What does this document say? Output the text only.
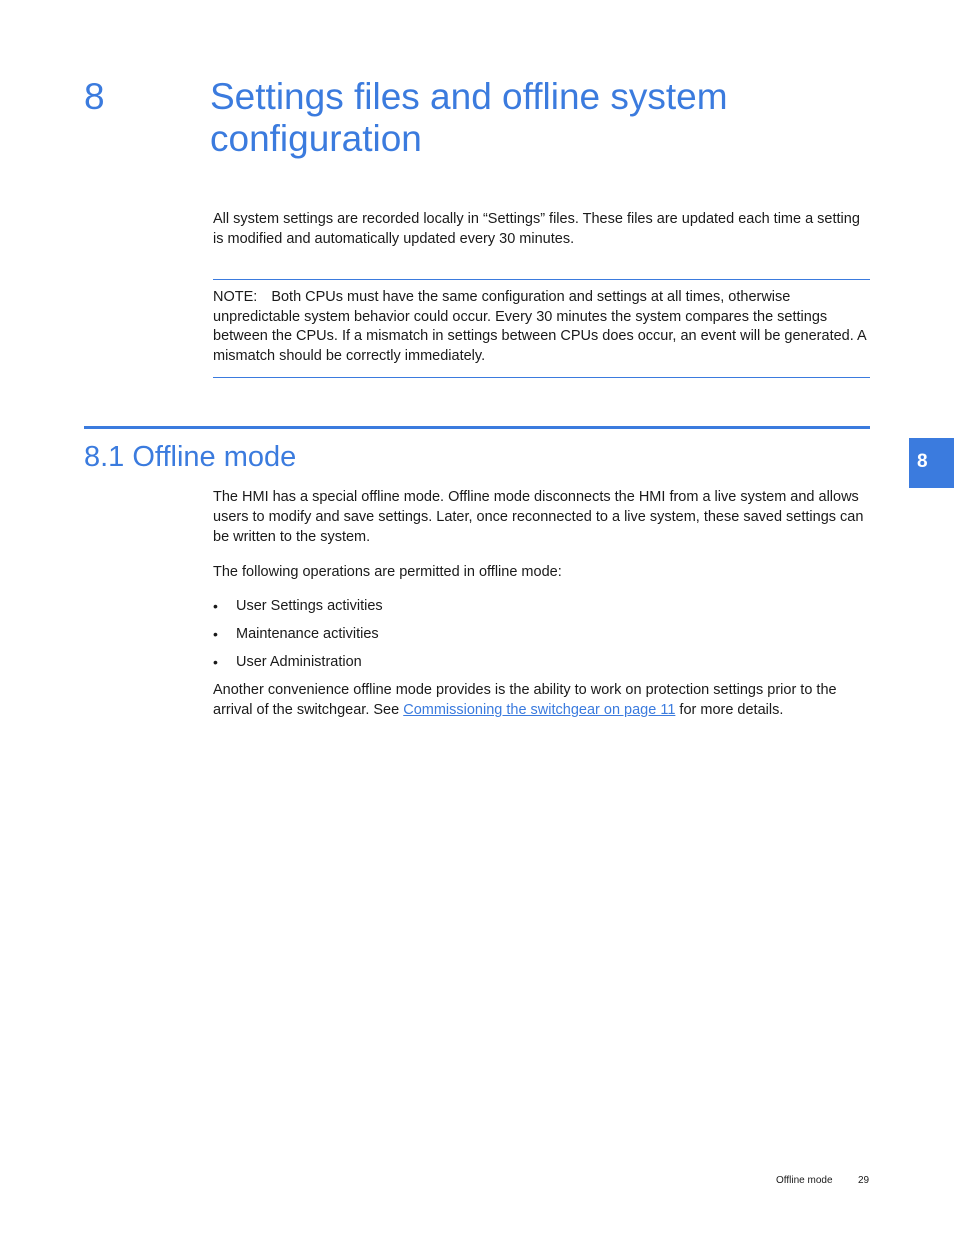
8	Settings files and offline system configuration

All system settings are recorded locally in “Settings” files. These files are updated each time a setting is modified and automatically updated every 30 minutes.

NOTE: Both CPUs must have the same configuration and settings at all times, otherwise unpredictable system behavior could occur. Every 30 minutes the system compares the settings between the CPUs. If a mismatch in settings between CPUs does occur, an event will be generated. A mismatch should be correctly immediately.

8.1 Offline mode	8

The HMI has a special offline mode. Offline mode disconnects the HMI from a live system and allows users to modify and save settings. Later, once reconnected to a live system, these saved settings can be written to the system.

The following operations are permitted in offline mode:

• User Settings activities
• Maintenance activities
• User Administration

Another convenience offline mode provides is the ability to work on protection settings prior to the arrival of the switchgear. See Commissioning the switchgear on page 11 for more details.

Offline mode	29
